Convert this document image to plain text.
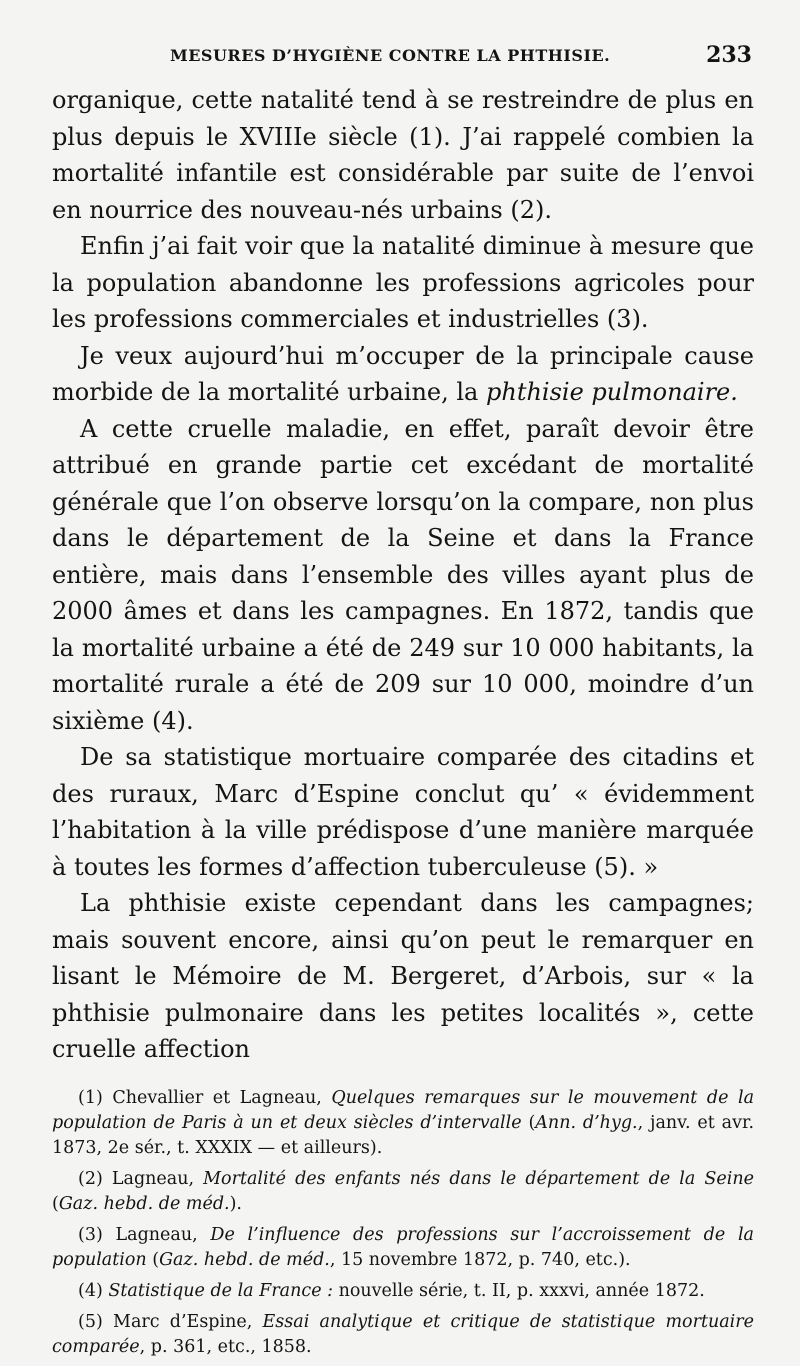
MESURES D’HYGIÈNE CONTRE LA PHTHISIE.	233

organique, cette natalité tend à se restreindre de plus en plus depuis le XVIIIe siècle (1). J’ai rappelé combien la mortalité infantile est considérable par suite de l’envoi en nourrice des nouveau-nés urbains (2).

Enfin j’ai fait voir que la natalité diminue à mesure que la population abandonne les professions agricoles pour les professions commerciales et industrielles (3).

Je veux aujourd’hui m’occuper de la principale cause morbide de la mortalité urbaine, la phthisie pulmonaire.

A cette cruelle maladie, en effet, paraît devoir être attribué en grande partie cet excédant de mortalité générale que l’on observe lorsqu’on la compare, non plus dans le département de la Seine et dans la France entière, mais dans l’ensemble des villes ayant plus de 2000 âmes et dans les campagnes. En 1872, tandis que la mortalité urbaine a été de 249 sur 10 000 habitants, la mortalité rurale a été de 209 sur 10 000, moindre d’un sixième (4).

De sa statistique mortuaire comparée des citadins et des ruraux, Marc d’Espine conclut qu’ « évidemment l’habitation à la ville prédispose d’une manière marquée à toutes les formes d’affection tuberculeuse (5). »

La phthisie existe cependant dans les campagnes; mais souvent encore, ainsi qu’on peut le remarquer en lisant le Mémoire de M. Bergeret, d’Arbois, sur « la phthisie pulmonaire dans les petites localités », cette cruelle affection

(1) Chevallier et Lagneau, Quelques remarques sur le mouvement de la population de Paris à un et deux siècles d’intervalle (Ann. d’hyg., janv. et avr. 1873, 2e sér., t. XXXIX — et ailleurs).

(2) Lagneau, Mortalité des enfants nés dans le département de la Seine (Gaz. hebd. de méd.).

(3) Lagneau, De l’influence des professions sur l’accroissement de la population (Gaz. hebd. de méd., 15 novembre 1872, p. 740, etc.).

(4) Statistique de la France : nouvelle série, t. II, p. xxxvi, année 1872.

(5) Marc d’Espine, Essai analytique et critique de statistique mortuaire comparée, p. 361, etc., 1858.
